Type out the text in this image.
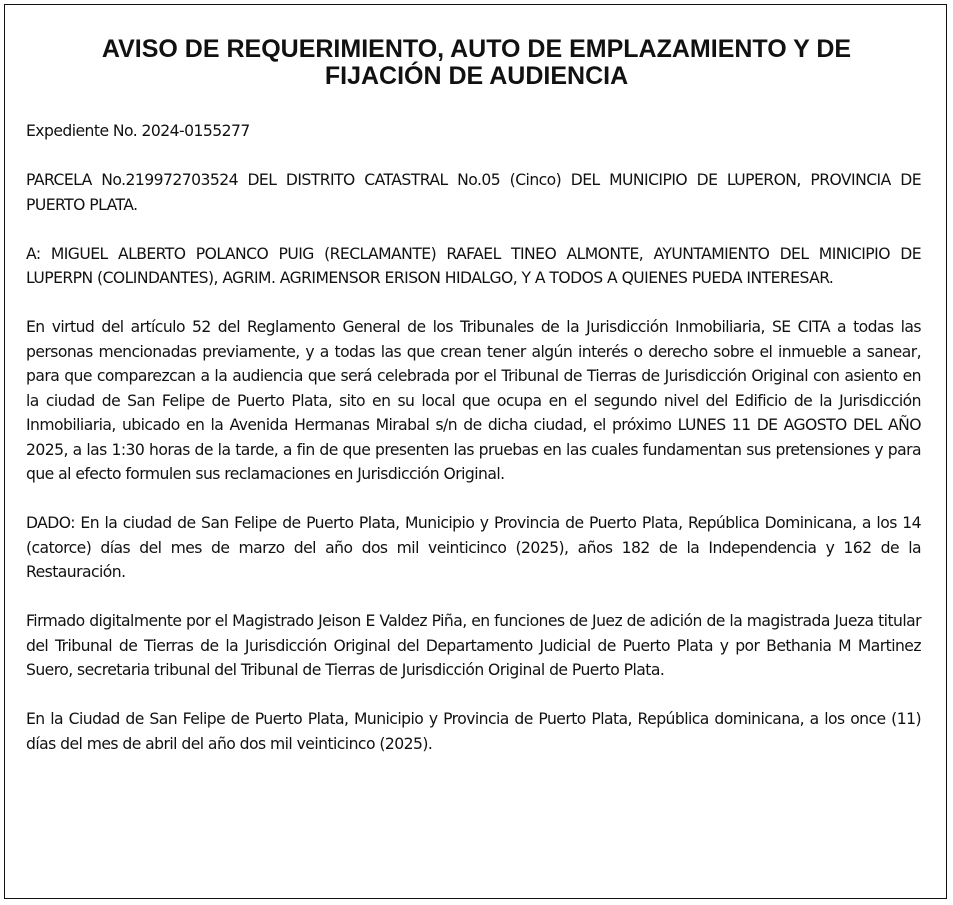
AVISO DE REQUERIMIENTO, AUTO DE EMPLAZAMIENTO Y DE
FIJACIÓN DE AUDIENCIA

Expediente No. 2024-0155277

PARCELA No.219972703524 DEL DISTRITO CATASTRAL No.05 (Cinco) DEL MUNICIPIO DE LUPERON, PROVINCIA DE PUERTO PLATA.

A: MIGUEL ALBERTO POLANCO PUIG (RECLAMANTE) RAFAEL TINEO ALMONTE, AYUNTAMIENTO DEL MINICIPIO DE LUPERPN (COLINDANTES), AGRIM. AGRIMENSOR ERISON HIDALGO, Y A TODOS A QUIENES PUEDA INTERESAR.

En virtud del artículo 52 del Reglamento General de los Tribunales de la Jurisdicción Inmobiliaria, SE CITA a todas las personas mencionadas previamente, y a todas las que crean tener algún interés o derecho sobre el inmueble a sanear, para que comparezcan a la audiencia que será celebrada por el Tribunal de Tierras de Jurisdicción Original con asiento en la ciudad de San Felipe de Puerto Plata, sito en su local que ocupa en el segundo nivel del Edificio de la Jurisdicción Inmobiliaria, ubicado en la Avenida Hermanas Mirabal s/n de dicha ciudad, el próximo LUNES 11 DE AGOSTO DEL AÑO 2025, a las 1:30 horas de la tarde, a fin de que presenten las pruebas en las cuales fundamentan sus pretensiones y para que al efecto formulen sus reclamaciones en Jurisdicción Original.

DADO: En la ciudad de San Felipe de Puerto Plata, Municipio y Provincia de Puerto Plata, República Dominicana, a los 14 (catorce) días del mes de marzo del año dos mil veinticinco (2025), años 182 de la Independencia y 162 de la Restauración.

Firmado digitalmente por el Magistrado Jeison E Valdez Piña, en funciones de Juez de adición de la magistrada Jueza titular del Tribunal de Tierras de la Jurisdicción Original del Departamento Judicial de Puerto Plata y por Bethania M Martinez Suero, secretaria tribunal del Tribunal de Tierras de Jurisdicción Original de Puerto Plata.

En la Ciudad de San Felipe de Puerto Plata, Municipio y Provincia de Puerto Plata, República dominicana, a los once (11) días del mes de abril del año dos mil veinticinco (2025).
